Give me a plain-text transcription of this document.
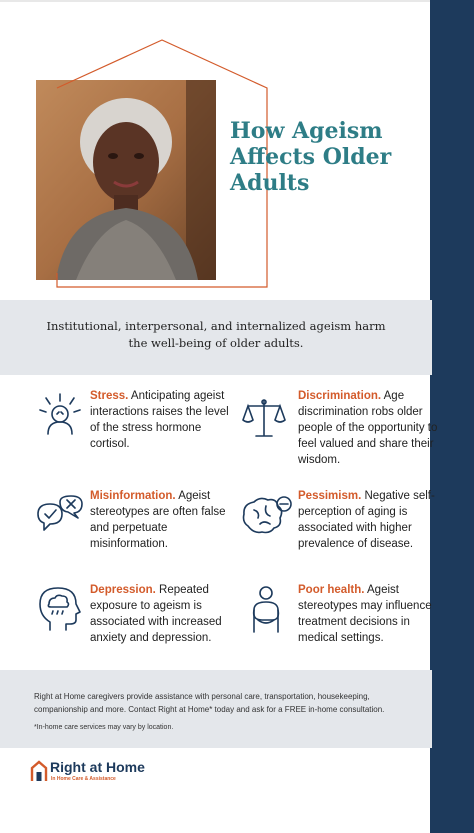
How Ageism Affects Older Adults

Institutional, interpersonal, and internalized ageism harm the well-being of older adults.

Stress. Anticipating ageist interactions raises the level of the stress hormone cortisol.

Discrimination. Age discrimination robs older people of the opportunity to feel valued and share their wisdom.

Misinformation. Ageist stereotypes are often false and perpetuate misinformation.

Pessimism. Negative self-perception of aging is associated with higher prevalence of disease.

Depression. Repeated exposure to ageism is associated with increased anxiety and depression.

Poor health. Ageist stereotypes may influence treatment decisions in medical settings.

Right at Home caregivers provide assistance with personal care, transportation, housekeeping, companionship and more. Contact Right at Home* today and ask for a FREE in-home consultation.

*In-home care services may vary by location.

Right at Home
In Home Care & Assistance
